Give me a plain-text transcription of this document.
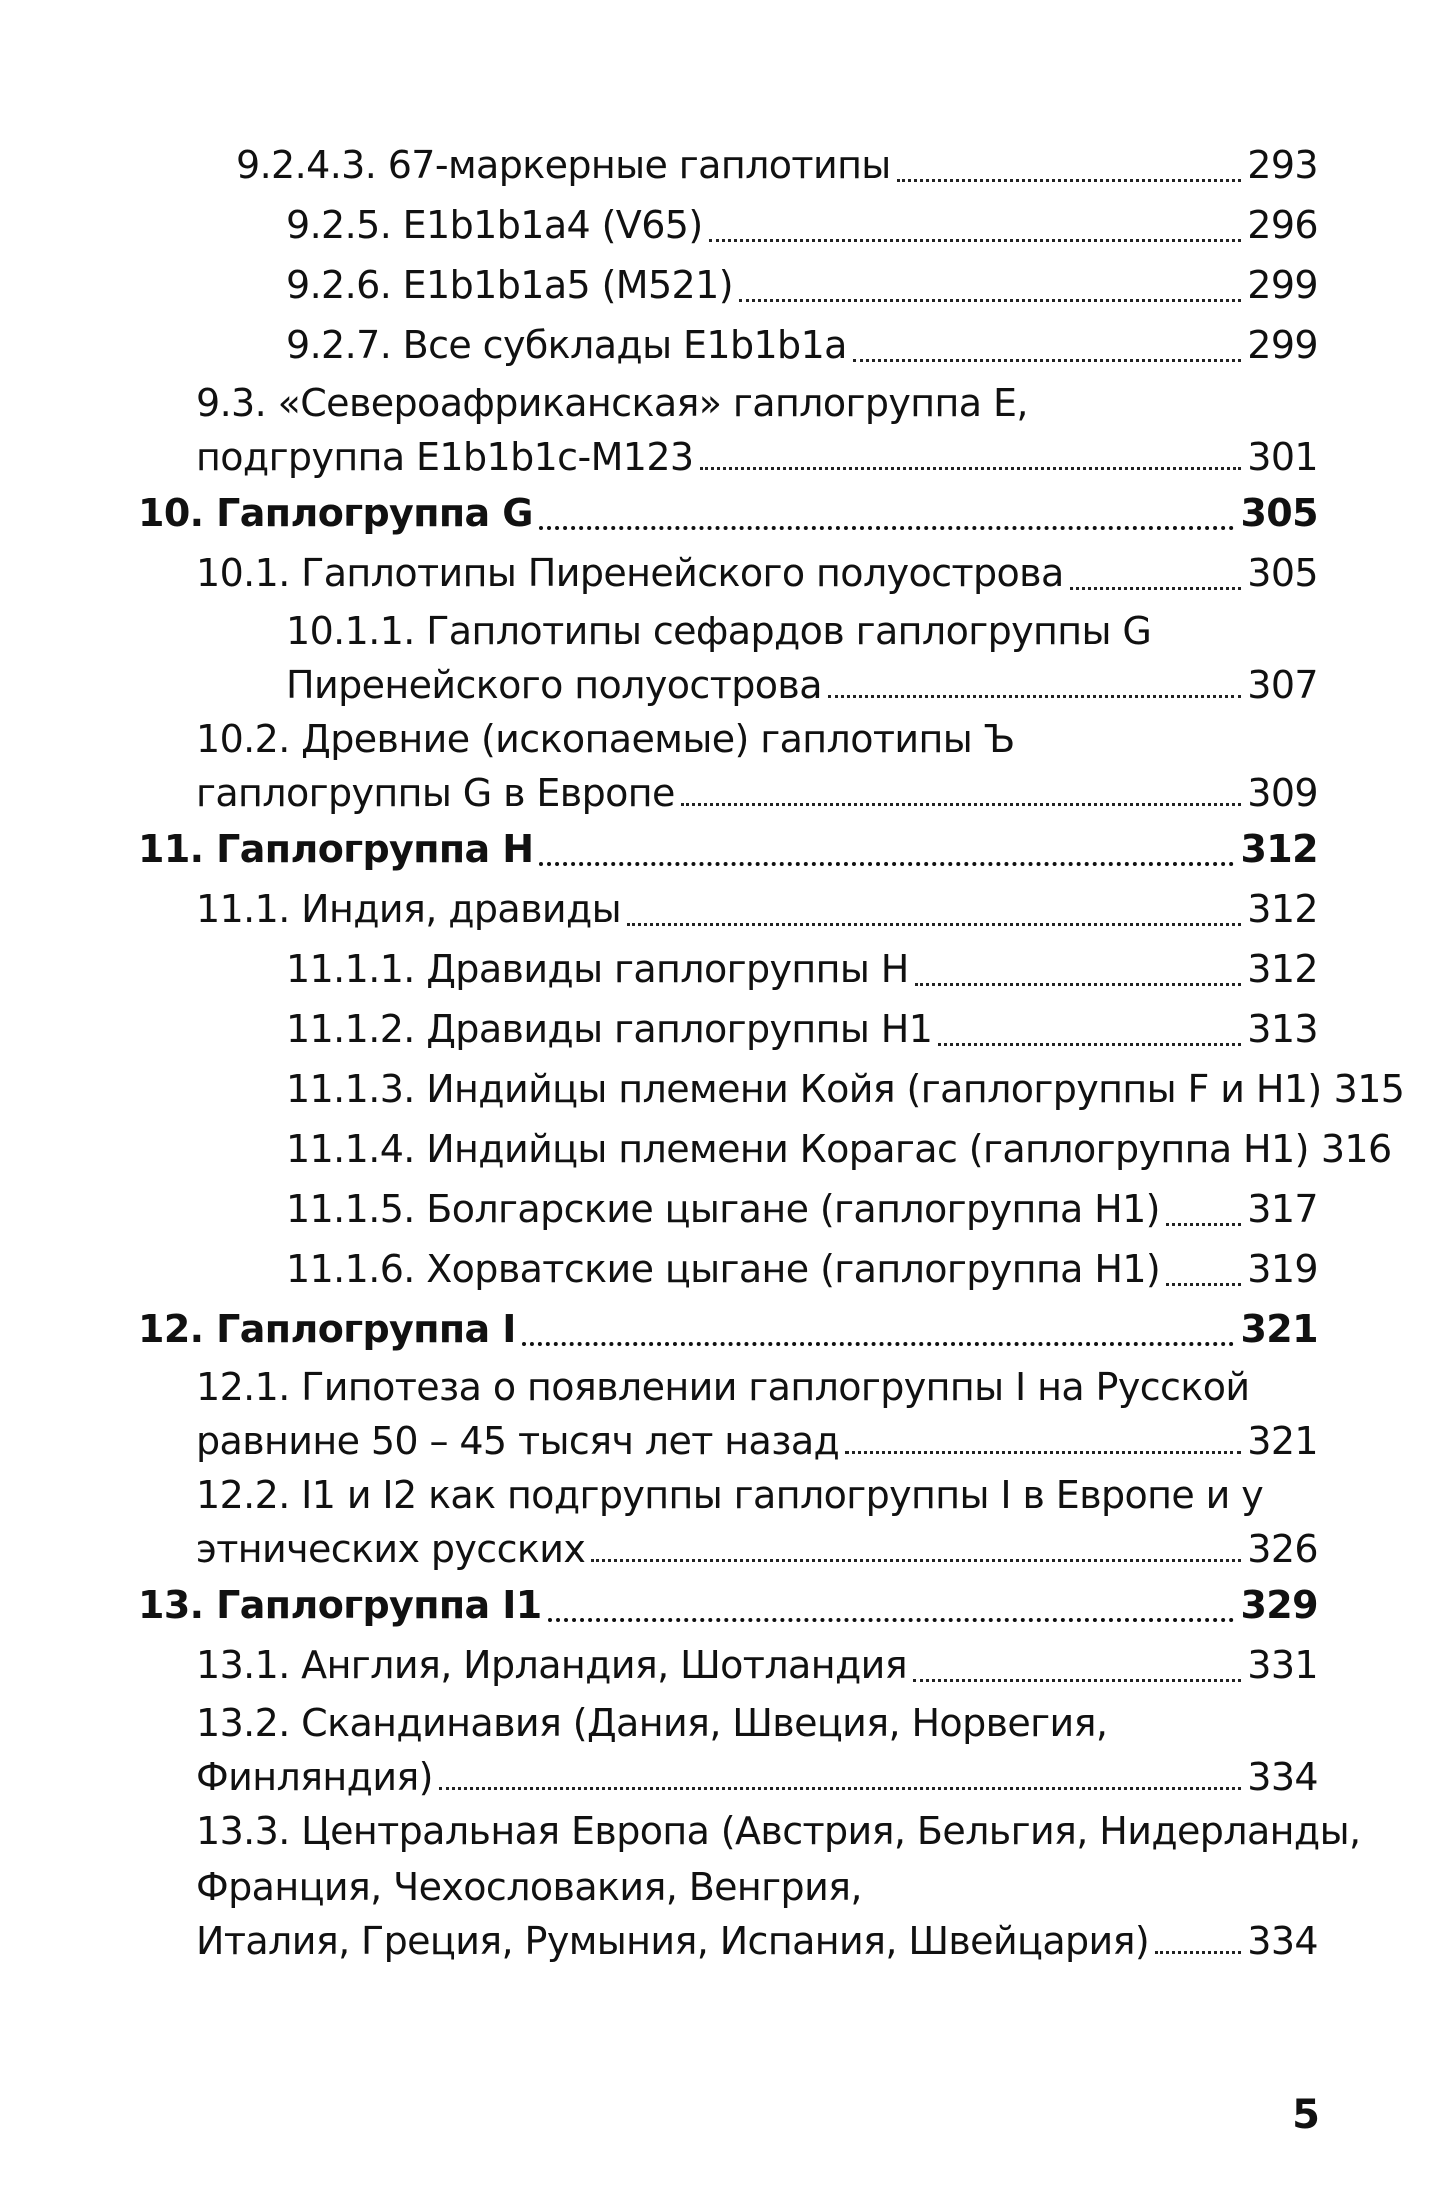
9.2.4.3. 67-маркерные гаплотипы	293
9.2.5. E1b1b1a4 (V65)	296
9.2.6. E1b1b1a5 (M521)	299
9.2.7. Все субклады E1b1b1a	299
9.3. «Североафриканская» гаплогруппа E,
подгруппа E1b1b1c-M123	301
10. Гаплогруппа G	305
10.1. Гаплотипы Пиренейского полуострова	305
10.1.1. Гаплотипы сефардов гаплогруппы G
Пиренейского полуострова	307
10.2. Древние (ископаемые) гаплотипы Ъ
гаплогруппы G в Европе	309
11. Гаплогруппа H	312
11.1. Индия, дравиды	312
11.1.1. Дравиды гаплогруппы H	312
11.1.2. Дравиды гаплогруппы H1	313
11.1.3. Индийцы племени Койя (гаплогруппы F и H1) 315
11.1.4. Индийцы племени Корагас (гаплогруппа H1) 316
11.1.5. Болгарские цыгане (гаплогруппа H1) 317
11.1.6. Хорватские цыгане (гаплогруппа H1) 319
12. Гаплогруппа I	321
12.1. Гипотеза о появлении гаплогруппы I на Русской
равнине 50 – 45 тысяч лет назад	321
12.2. I1 и I2 как подгруппы гаплогруппы I в Европе и у
этнических русских	326
13. Гаплогруппа I1	329
13.1. Англия, Ирландия, Шотландия	331
13.2. Скандинавия (Дания, Швеция, Норвегия,
Финляндия)	334
13.3. Центральная Европа (Австрия, Бельгия, Нидерланды,
Франция, Чехословакия, Венгрия,
Италия, Греция, Румыния, Испания, Швейцария)	334
5
